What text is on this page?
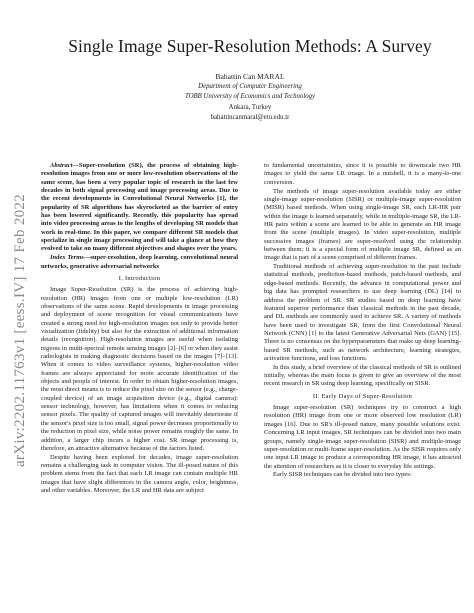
arXiv:2202.11763v1 [eess.IV] 17 Feb 2022
Single Image Super-Resolution Methods: A Survey
Bahattin Can MARAL
Department of Computer Engineering
TOBB University of Economics and Technology
Ankara, Turkey
bahattincanmaral@etu.edu.tr

Abstract—Super-resolution (SR), the process of obtaining high-resolution images from one or more low-resolution observations of the same scene, has been a very popular topic of research in the last few decades in both signal processing and image processing areas. Due to the recent developments in Convolutional Neural Networks [1], the popularity of SR algorithms has skyrocketed as the barrier of entry has been lowered significantly. Recently, this popularity has spread into video processing areas to the lengths of developing SR models that work in real-time. In this paper, we compare different SR models that specialize in single image processing and will take a glance at how they evolved to take on many different objectives and shapes over the years.

Index Terms—super-resolution, deep learning, convolutional neural networks, generative adversarial networks

I. Introduction

Image Super-Resolution (SR) is the process of achieving high-resolution (HR) images from one or multiple low-resolution (LR) observations of the same scene. Rapid developments in image processing and deployment of scene recognition for visual communications have created a strong need for high-resolution images not only to provide better visualization (fidelity) but also for the extraction of additional information details (recognition). High-resolution images are useful when isolating regions in multi-spectral remote sensing images [2]–[6] or when they assist radiologists in making diagnostic decisions based on the images [7]–[13]. When it comes to video surveillance systems, higher-resolution video frames are always appreciated for more accurate identification of the objects and people of interest. In order to obtain higher-resolution images, the most direct means is to reduce the pixel size on the sensor (e.g., charge-coupled device) of an image acquisition device (e.g., digital camera): sensor technology, however, has limitations when it comes to reducing sensor pixels. The quality of captured images will inevitably deteriorate if the sensor's pixel size is too small, signal power decreases proportionally to the reduction in pixel size, while noise power remains roughly the same. In addition, a larger chip incurs a higher cost. SR image processing is, therefore, an attractive alternative because of the factors listed.

Despite having been explored for decades, image super-resolution remains a challenging task in computer vision. The ill-posed nature of this problem stems from the fact that each LR image can contain multiple HR images that have slight differences in the camera angle, color, brightness, and other variables. Moreover, the LR and HR data are subject

to fundamental uncertainties, since it is possible to downscale two HR images to yield the same LR image. In a nutshell, it is a many-to-one conversion.

The methods of image super-resolution available today are either single-image super-resolution (SISR) or multiple-image super-resolution (MISR) based methods. When using single-image SR, each LR-HR pair within the image is learned separately, while in multiple-image SR, the LR-HR pairs within a scene are learned to be able to generate an HR image from the scene (multiple images). In video super-resolution, multiple successive images (frames) are super-resolved using the relationship between them; it is a special form of multiple image SR, defined as an image that is part of a scene comprised of different frames.

Traditional methods of achieving super-resolution in the past include statistical methods, prediction-based methods, patch-based methods, and edge-based methods. Recently, the advance in computational power and big data has prompted researchers to use deep learning (DL) [14] to address the problem of SR. SR studies based on deep learning have featured superior performance than classical methods in the past decade, and DL methods are commonly used to achieve SR. A variety of methods have been used to investigate SR, from the first Convolutional Neural Network (CNN) [1] to the latest Generative Adversarial Nets (GAN) [15]. There is no consensus on the hyperparameters that make up deep learning-based SR methods, such as network architecture, learning strategies, activation functions, and loss functions.

In this study, a brief overview of the classical methods of SR is outlined initially, whereas the main focus is given to give an overview of the most recent research in SR using deep learning, specifically on SISR.

II. Early Days of Super-Resolution

Image super-resolution (SR) techniques try to construct a high resolution (HR) image from one or more observed low resolution (LR) images [16]. Due to SR's ill-posed nature, many possible solutions exist. Concerning LR input images, SR techniques can be divided into two main groups, namely single-image super-resolution (SISR) and multiple-image super-resolution or multi-frame super-resolution. As the SISR requires only one input LR image to produce a corresponding HR image, it has attracted the attention of researchers as it is closer to everyday life settings.

Early SISR techniques can be divided into two types:
